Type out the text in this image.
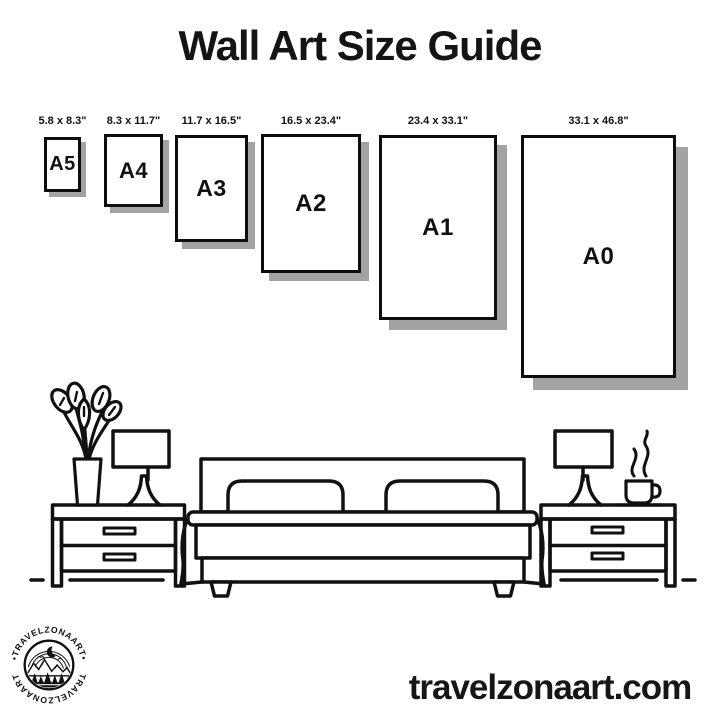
Wall Art Size Guide
5.8 x 8.3"
A5
8.3 x 11.7"
A4
11.7 x 16.5"
A3
16.5 x 23.4"
A2
23.4 x 33.1"
A1
33.1 x 46.8"
A0
•TRAVELZONAART•
TRAVELZONAART	travelzonaart.com
